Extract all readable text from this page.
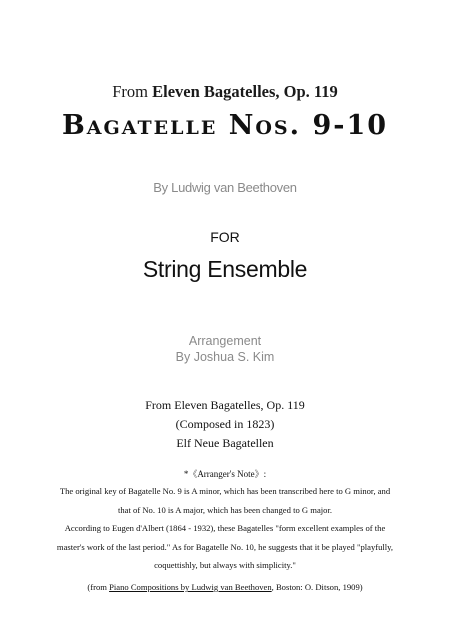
From Eleven Bagatelles, Op. 119
Bagatelle Nos. 9-10
By Ludwig van Beethoven
FOR
String Ensemble
Arrangement
By Joshua S. Kim
From Eleven Bagatelles, Op. 119
(Composed in 1823)
Elf Neue Bagatellen
*《Arranger's Note》:
The original key of Bagatelle No. 9 is A minor, which has been transcribed here to G minor, and
that of No. 10 is A major, which has been changed to G major.
According to Eugen d'Albert (1864 - 1932), these Bagatelles "form excellent examples of the
master's work of the last period." As for Bagatelle No. 10, he suggests that it be played "playfully,
coquettishly, but always with simplicity."
(from Piano Compositions by Ludwig van Beethoven, Boston: O. Ditson, 1909)
